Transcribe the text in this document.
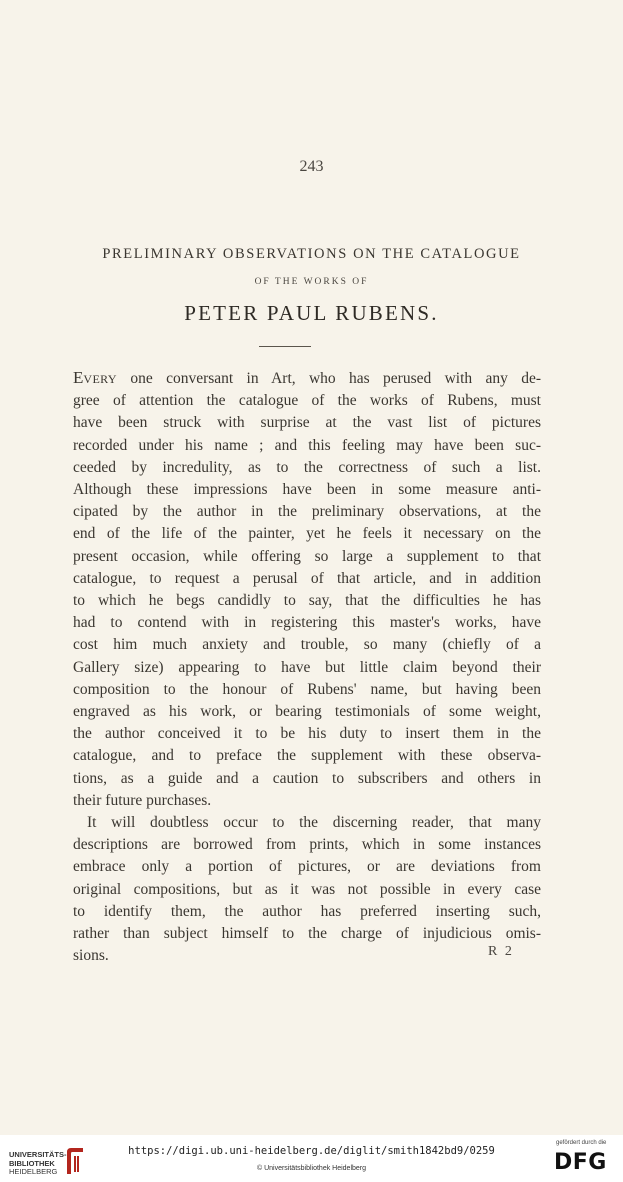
243
PRELIMINARY OBSERVATIONS ON THE CATALOGUE
OF THE WORKS OF
PETER PAUL RUBENS.
EVERY one conversant in Art, who has perused with any de-
gree of attention the catalogue of the works of Rubens, must
have been struck with surprise at the vast list of pictures
recorded under his name ; and this feeling may have been suc-
ceeded by incredulity, as to the correctness of such a list.
Although these impressions have been in some measure anti-
cipated by the author in the preliminary observations, at the
end of the life of the painter, yet he feels it necessary on the
present occasion, while offering so large a supplement to that
catalogue, to request a perusal of that article, and in addition
to which he begs candidly to say, that the difficulties he has
had to contend with in registering this master's works, have
cost him much anxiety and trouble, so many (chiefly of a
Gallery size) appearing to have but little claim beyond their
composition to the honour of Rubens' name, but having been
engraved as his work, or bearing testimonials of some weight,
the author conceived it to be his duty to insert them in the
catalogue, and to preface the supplement with these observa-
tions, as a guide and a caution to subscribers and others in
their future purchases.
It will doubtless occur to the discerning reader, that many
descriptions are borrowed from prints, which in some instances
embrace only a portion of pictures, or are deviations from
original compositions, but as it was not possible in every case
to identify them, the author has preferred inserting such,
rather than subject himself to the charge of injudicious omis-
sions.	R 2
UNIVERSITÄTS-
BIBLIOTHEK
HEIDELBERG
https://digi.ub.uni-heidelberg.de/diglit/smith1842bd9/0259
© Universitätsbibliothek Heidelberg
gefördert durch die
DFG
